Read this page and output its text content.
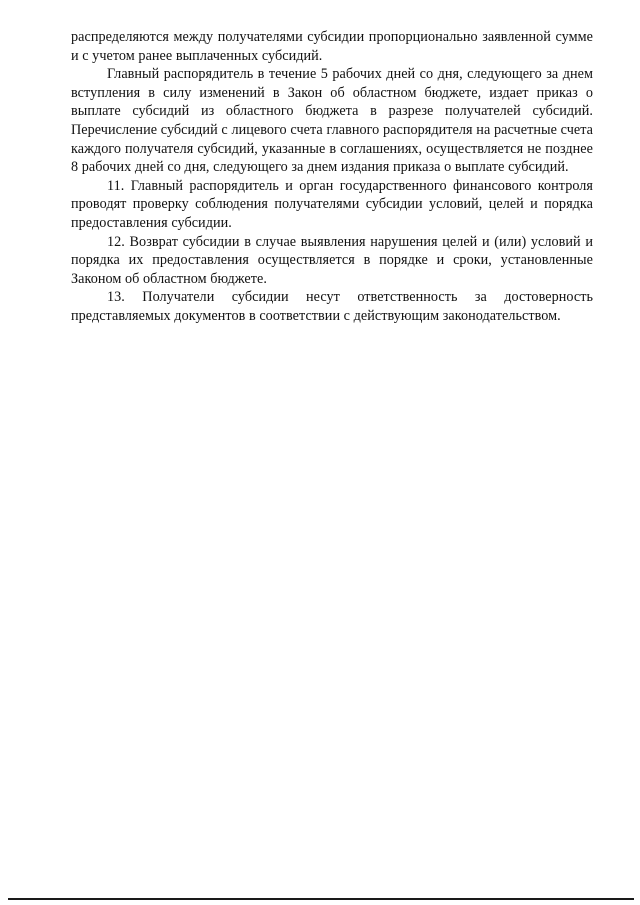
распределяются между получателями субсидии пропорционально заявленной сумме и с учетом ранее выплаченных субсидий.

Главный распорядитель в течение 5 рабочих дней со дня, следующего за днем вступления в силу изменений в Закон об областном бюджете, издает приказ о выплате субсидий из областного бюджета в разрезе получателей субсидий. Перечисление субсидий с лицевого счета главного распорядителя на расчетные счета каждого получателя субсидий, указанные в соглашениях, осуществляется не позднее 8 рабочих дней со дня, следующего за днем издания приказа о выплате субсидий.

11. Главный распорядитель и орган государственного финансового контроля проводят проверку соблюдения получателями субсидии условий, целей и порядка предоставления субсидии.

12. Возврат субсидии в случае выявления нарушения целей и (или) условий и порядка их предоставления осуществляется в порядке и сроки, установленные Законом об областном бюджете.

13. Получатели субсидии несут ответственность за достоверность представляемых документов в соответствии с действующим законодательством.
